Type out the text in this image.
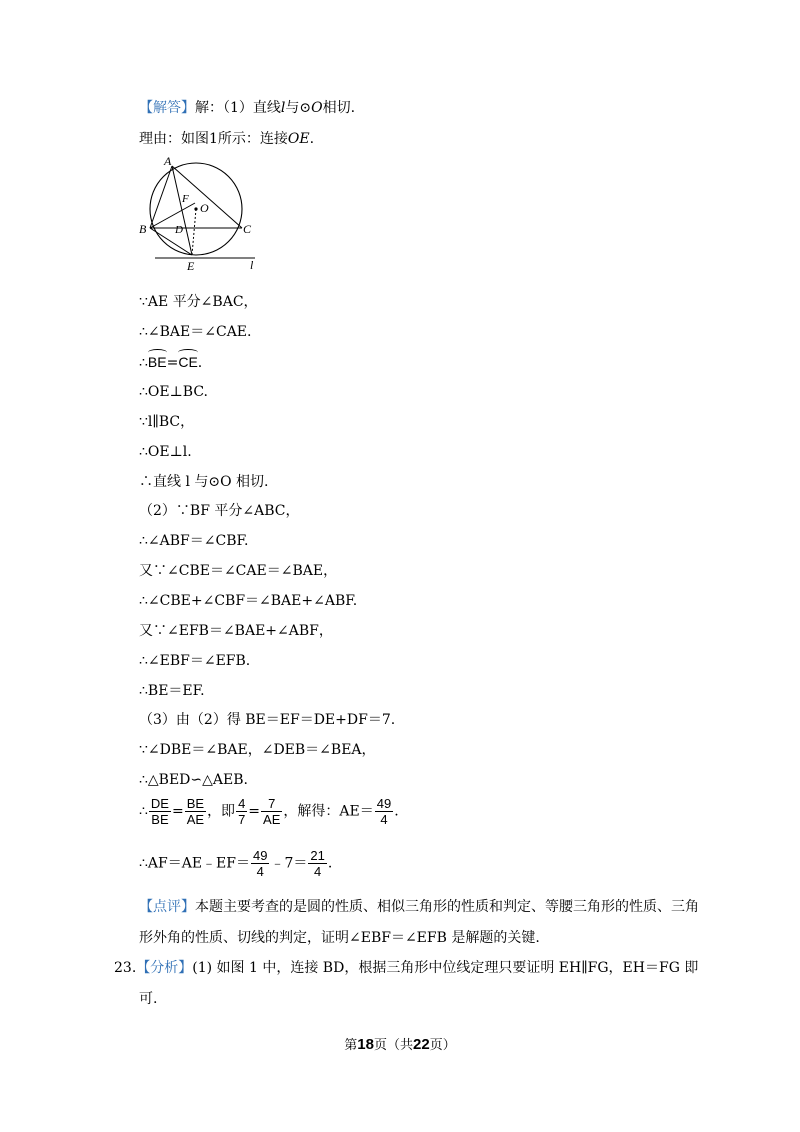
【解答】解：（1）直线l与⊙O相切.
理由：如图1所示：连接OE.
A
B	C
D
E
F
O
l
∵AE 平分∠BAC，
∴∠BAE＝∠CAE.
∴BE=CE.
∴OE⊥BC.
∵l∥BC，
∴OE⊥l.
∴直线 l 与⊙O 相切.
（2）∵BF 平分∠ABC，
∴∠ABF＝∠CBF.
又∵∠CBE＝∠CAE＝∠BAE，
∴∠CBE+∠CBF＝∠BAE+∠ABF.
又∵∠EFB＝∠BAE+∠ABF，
∴∠EBF＝∠EFB.
∴BE＝EF.
（3）由（2）得 BE＝EF＝DE+DF＝7.
∵∠DBE＝∠BAE，∠DEB＝∠BEA，
∴△BED∽△AEB.
∴ $\frac{DE}{BE} = \frac{BE}{AE}$ ，即 $\frac{4}{7} = \frac{7}{AE}$ ，解得：$AE= \frac{49}{4}$ .
∴AF＝AE﹣EF＝ $\frac{49}{4}$ ﹣7＝ $\frac{21}{4}$ .
【点评】本题主要考查的是圆的性质、相似三角形的性质和判定、等腰三角形的性质、三角
形外角的性质、切线的判定，证明∠EBF＝∠EFB 是解题的关键.
23.【分析】(1) 如图 1 中，连接 BD，根据三角形中位线定理只要证明 EH∥FG，EH＝FG 即
可.
第18页（共22页）
